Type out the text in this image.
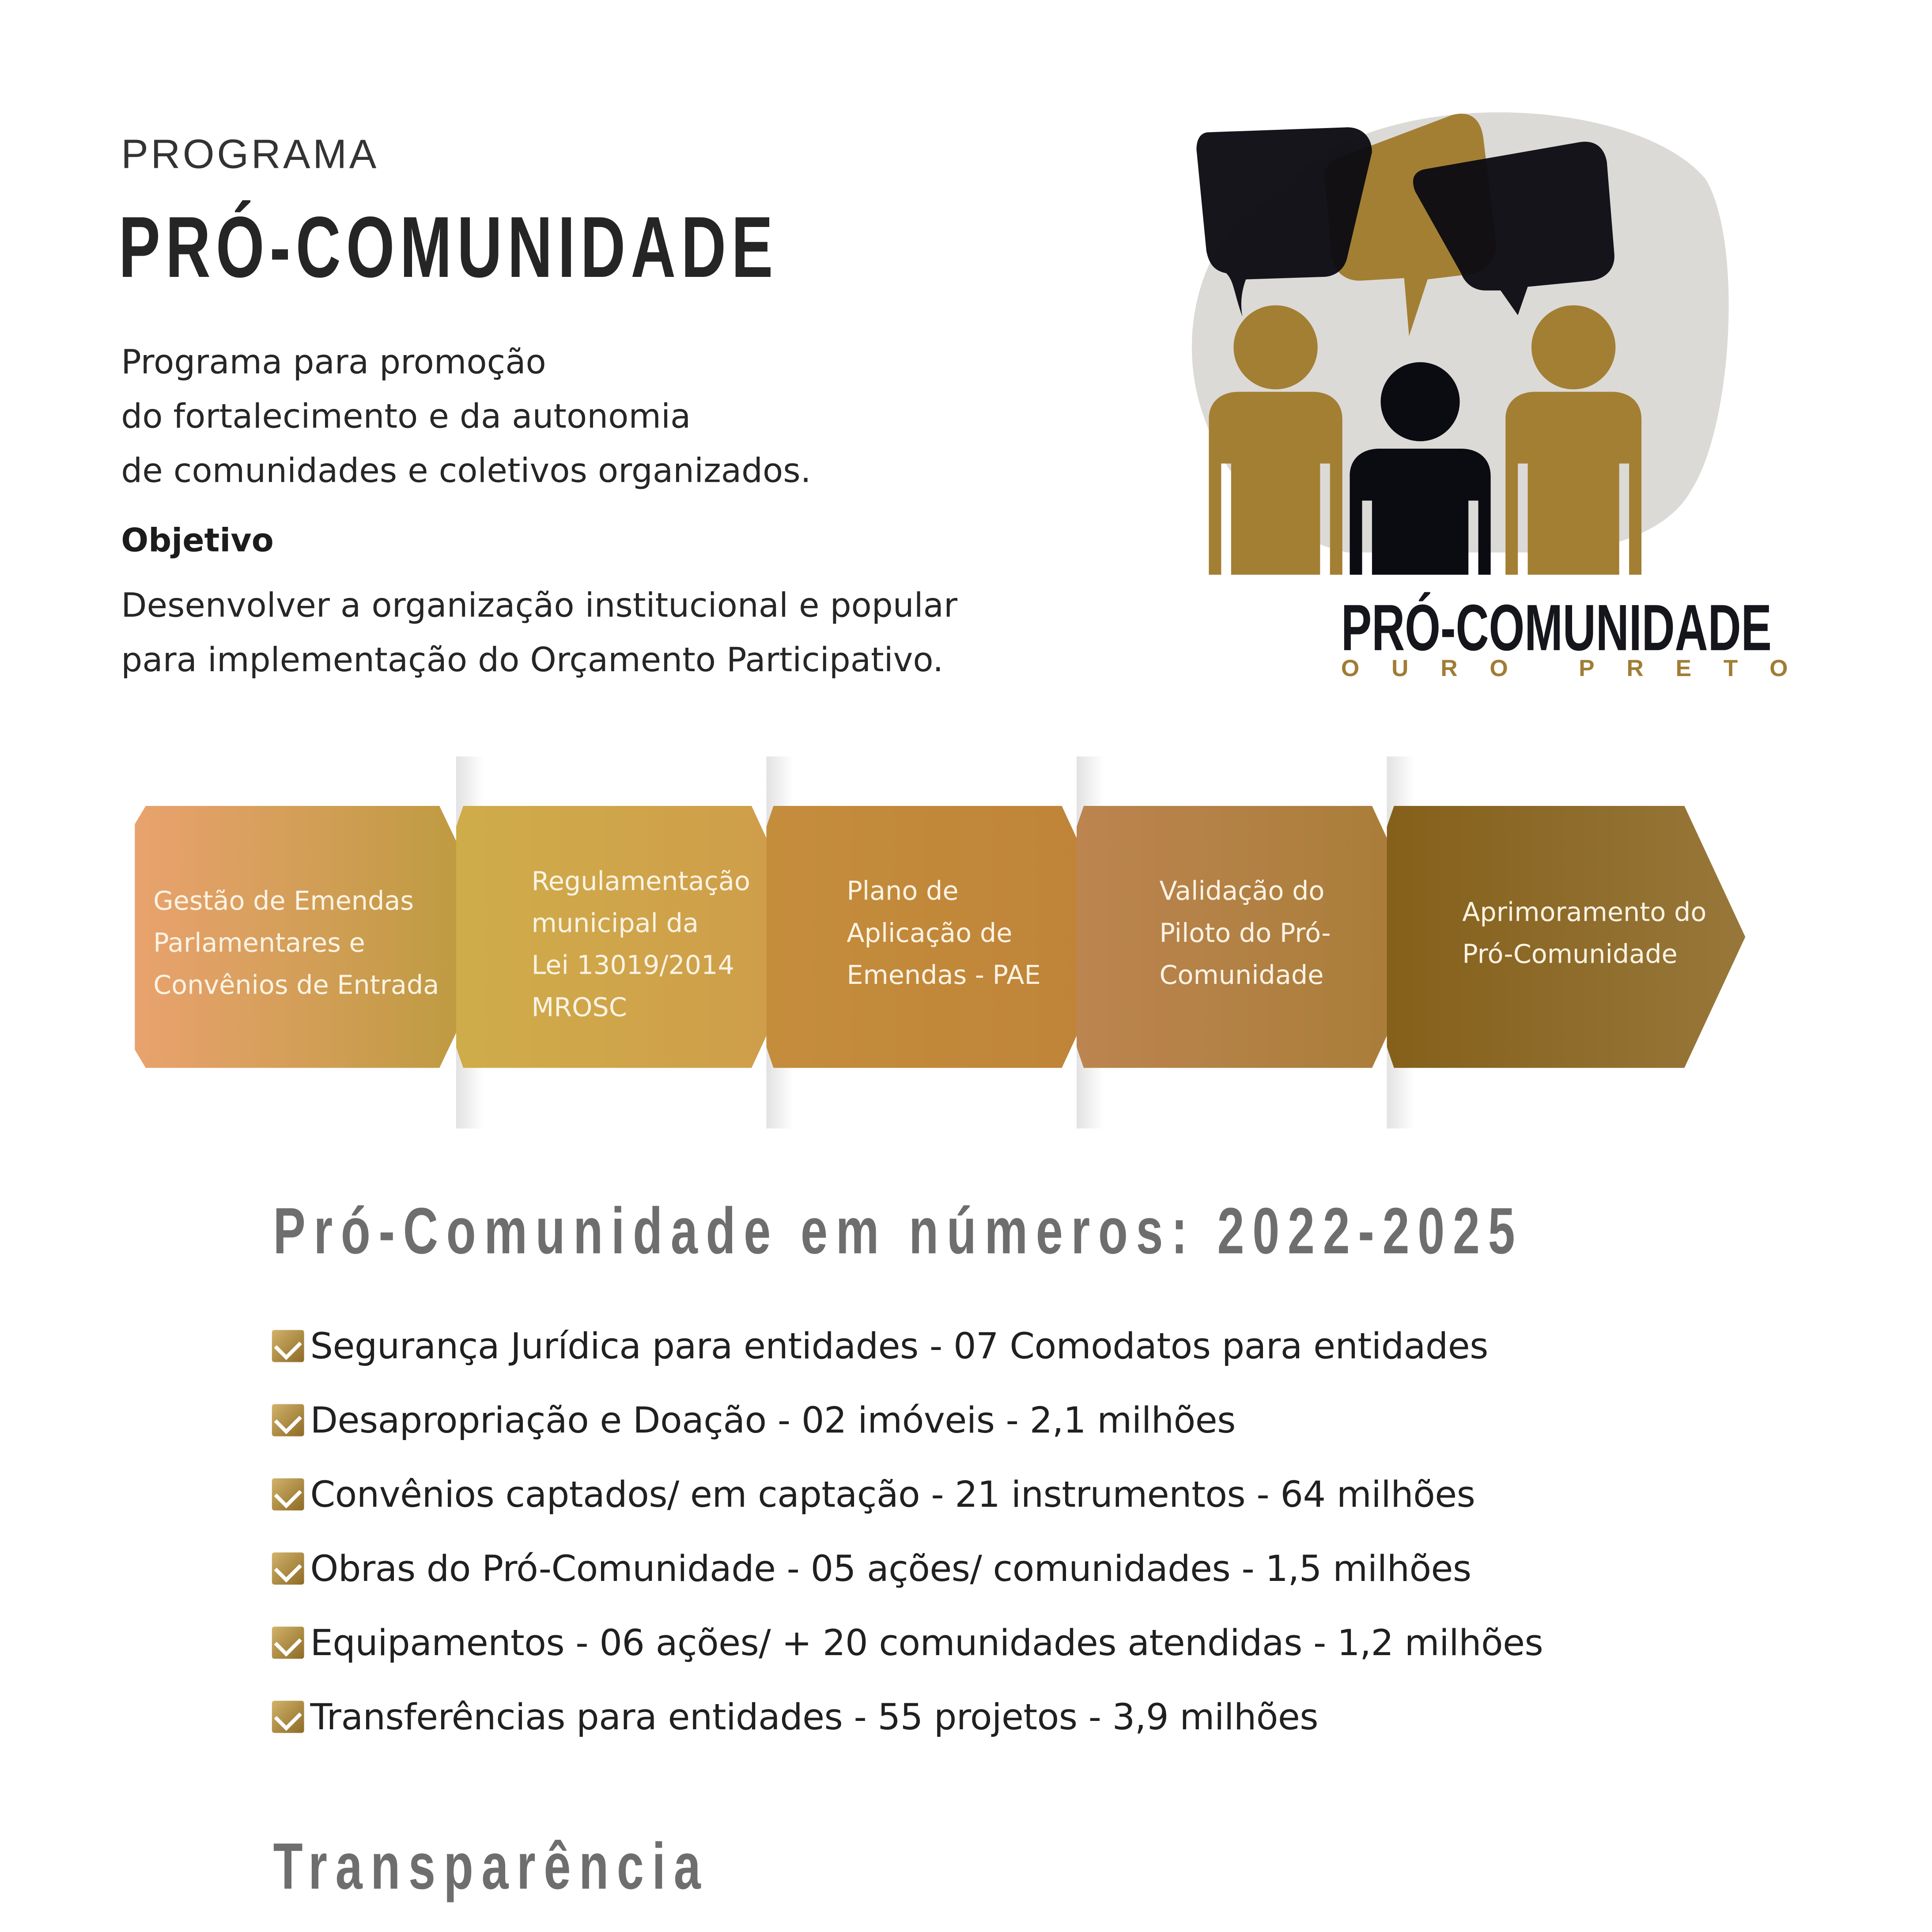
PROGRAMA
PRÓ-COMUNIDADE

Programa para promoção
do fortalecimento e da autonomia
de comunidades e coletivos organizados.

Objetivo

Desenvolver a organização institucional e popular
para implementação do Orçamento Participativo.	PRÓ-COMUNIDADE
OURO PRETO
Gestão de Emendas
Parlamentares e
Convênios de Entrada
Regulamentação
municipal da
Lei 13019/2014
MROSC
Plano de
Aplicação de
Emendas - PAE
Validação do
Piloto do Pró-
Comunidade
Aprimoramento do
Pró-Comunidade
Pró-Comunidade em números: 2022-2025
Segurança Jurídica para entidades - 07 Comodatos para entidades
Desapropriação e Doação - 02 imóveis - 2,1 milhões
Convênios captados/ em captação - 21 instrumentos - 64 milhões
Obras do Pró-Comunidade - 05 ações/ comunidades - 1,5 milhões
Equipamentos - 06 ações/ + 20 comunidades atendidas - 1,2 milhões
Transferências para entidades - 55 projetos - 3,9 milhões
Transparência
